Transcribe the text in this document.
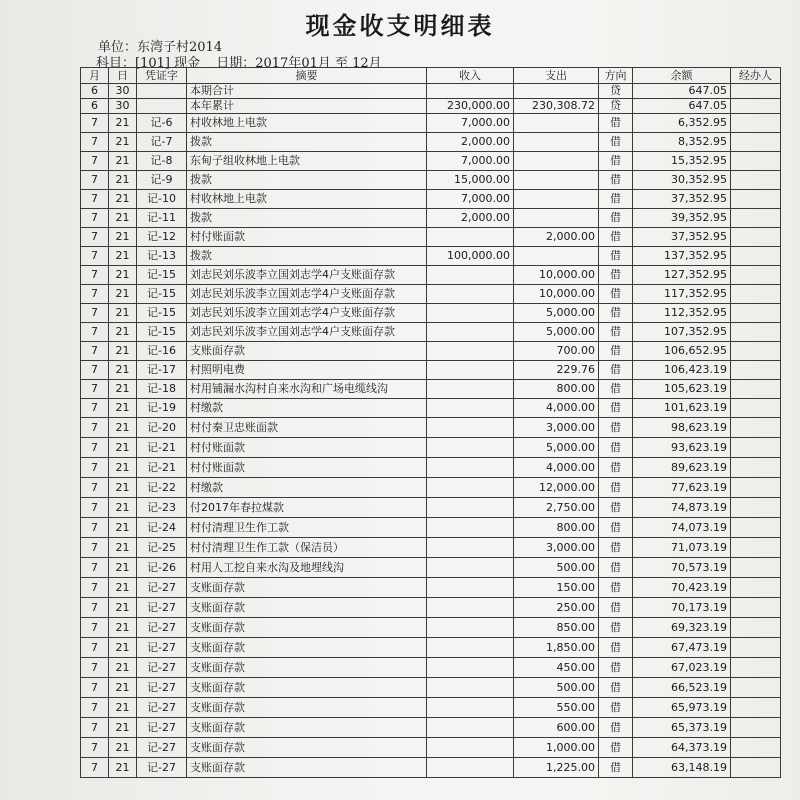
现金收支明细表
单位：东湾子村2014
科目：[101] 现金 日期：2017年01月 至 12月
月	日	凭证字	摘要	收入	支出	方向	余额	经办人
6	30		本期合计			贷	647.05	
6	30		本年累计	230,000.00	230,308.72	贷	647.05	
7	21	记-6	村收林地上电款	7,000.00		借	6,352.95	
7	21	记-7	拨款	2,000.00		借	8,352.95	
7	21	记-8	东甸子组收林地上电款	7,000.00		借	15,352.95	
7	21	记-9	拨款	15,000.00		借	30,352.95	
7	21	记-10	村收林地上电款	7,000.00		借	37,352.95	
7	21	记-11	拨款	2,000.00		借	39,352.95	
7	21	记-12	村付账面款		2,000.00	借	37,352.95	
7	21	记-13	拨款	100,000.00		借	137,352.95	
7	21	记-15	刘志民刘乐波李立国刘志学4户支账面存款		10,000.00	借	127,352.95	
7	21	记-15	刘志民刘乐波李立国刘志学4户支账面存款		10,000.00	借	117,352.95	
7	21	记-15	刘志民刘乐波李立国刘志学4户支账面存款		5,000.00	借	112,352.95	
7	21	记-15	刘志民刘乐波李立国刘志学4户支账面存款		5,000.00	借	107,352.95	
7	21	记-16	支账面存款		700.00	借	106,652.95	
7	21	记-17	村照明电费		229.76	借	106,423.19	
7	21	记-18	村用铺漏水沟村自来水沟和广场电缆线沟		800.00	借	105,623.19	
7	21	记-19	村缴款		4,000.00	借	101,623.19	
7	21	记-20	村付秦卫忠账面款		3,000.00	借	98,623.19	
7	21	记-21	村付账面款		5,000.00	借	93,623.19	
7	21	记-21	村付账面款		4,000.00	借	89,623.19	
7	21	记-22	村缴款		12,000.00	借	77,623.19	
7	21	记-23	付2017年春拉煤款		2,750.00	借	74,873.19	
7	21	记-24	村付清理卫生作工款		800.00	借	74,073.19	
7	21	记-25	村付清理卫生作工款（保洁员）		3,000.00	借	71,073.19	
7	21	记-26	村用人工挖自来水沟及地埋线沟		500.00	借	70,573.19	
7	21	记-27	支账面存款		150.00	借	70,423.19	
7	21	记-27	支账面存款		250.00	借	70,173.19	
7	21	记-27	支账面存款		850.00	借	69,323.19	
7	21	记-27	支账面存款		1,850.00	借	67,473.19	
7	21	记-27	支账面存款		450.00	借	67,023.19	
7	21	记-27	支账面存款		500.00	借	66,523.19	
7	21	记-27	支账面存款		550.00	借	65,973.19	
7	21	记-27	支账面存款		600.00	借	65,373.19	
7	21	记-27	支账面存款		1,000.00	借	64,373.19	
7	21	记-27	支账面存款		1,225.00	借	63,148.19	
